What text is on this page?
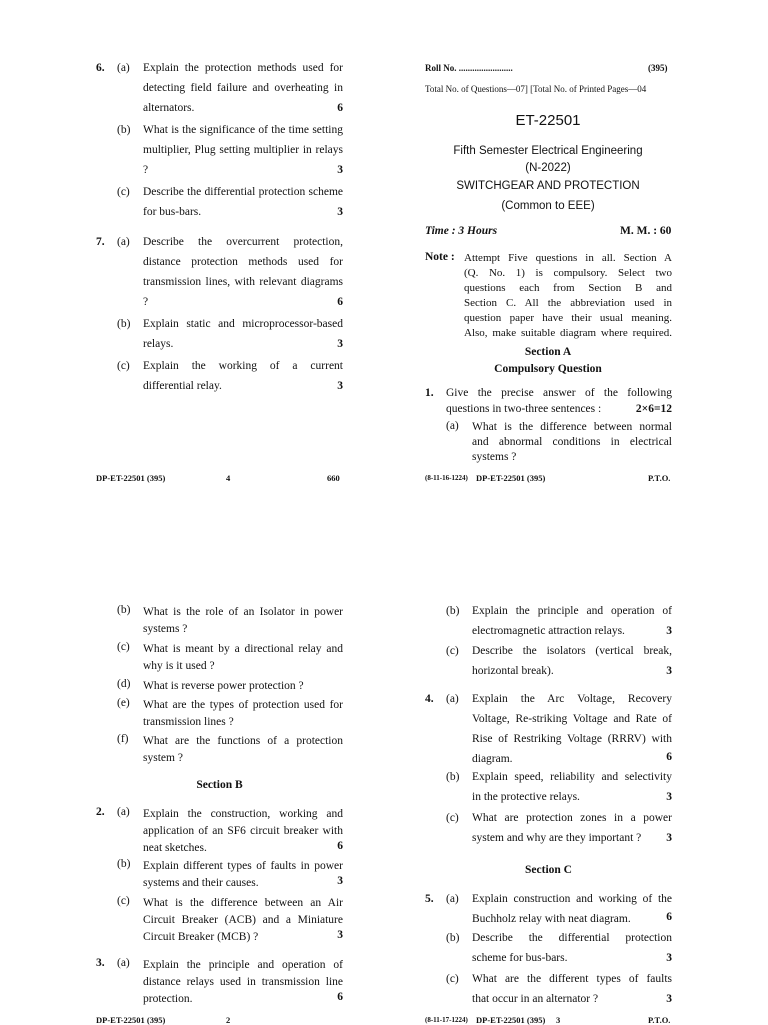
6. (a) Explain the protection methods used for detecting field failure and overheating in alternators.	6
(b) What is the significance of the time setting multiplier, Plug setting multiplier in relays ?	3
(c) Describe the differential protection scheme for bus-bars.	3
7. (a) Describe the overcurrent protection, distance protection methods used for transmission lines, with relevant diagrams ?	6
(b) Explain static and microprocessor-based relays.	3
(c) Explain the working of a current differential relay.	3
DP-ET-22501 (395)	4	660
Roll No. ........................	(395)
Total No. of Questions—07] [Total No. of Printed Pages—04
ET-22501
Fifth Semester Electrical Engineering
(N-2022)
SWITCHGEAR AND PROTECTION
(Common to EEE)
Time : 3 Hours	M. M. : 60
Note : Attempt Five questions in all. Section A
(Q. No. 1) is compulsory. Select two
questions each from Section B and
Section C. All the abbreviation used in
question paper have their usual meaning.
Also, make suitable diagram where required.
Section A
Compulsory Question
1. Give the precise answer of the following
questions in two-three sentences :	2×6=12
(a) What is the difference between normal
and abnormal conditions in electrical
systems ?
(8-11-16-1224) DP-ET-22501 (395)	P.T.O.
(b) What is the role of an Isolator in power
systems ?
(c) What is meant by a directional relay and
why is it used ?
(d) What is reverse power protection ?
(e) What are the types of protection used for
transmission lines ?
(f) What are the functions of a protection
system ?
Section B
2. (a) Explain the construction, working and
application of an SF6 circuit breaker with
neat sketches.	6
(b) Explain different types of faults in power
systems and their causes.	3
(c) What is the difference between an Air
Circuit Breaker (ACB) and a Miniature
Circuit Breaker (MCB) ?	3
3. (a) Explain the principle and operation of
distance relays used in transmission line
protection.	6
DP-ET-22501 (395)	2
(b) Explain the principle and operation of
electromagnetic attraction relays.	3
(c) Describe the isolators (vertical break,
horizontal break).	3
4. (a) Explain the Arc Voltage, Recovery
Voltage, Re-striking Voltage and Rate of
Rise of Restriking Voltage (RRRV) with
diagram.	6
(b) Explain speed, reliability and selectivity
in the protective relays.	3
(c) What are protection zones in a power
system and why are they important ?	3
Section C
5. (a) Explain construction and working of the
Buchholz relay with neat diagram.	6
(b) Describe the differential protection
scheme for bus-bars.	3
(c) What are the different types of faults
that occur in an alternator ?	3
(8-11-17-1224) DP-ET-22501 (395) 3	P.T.O.
